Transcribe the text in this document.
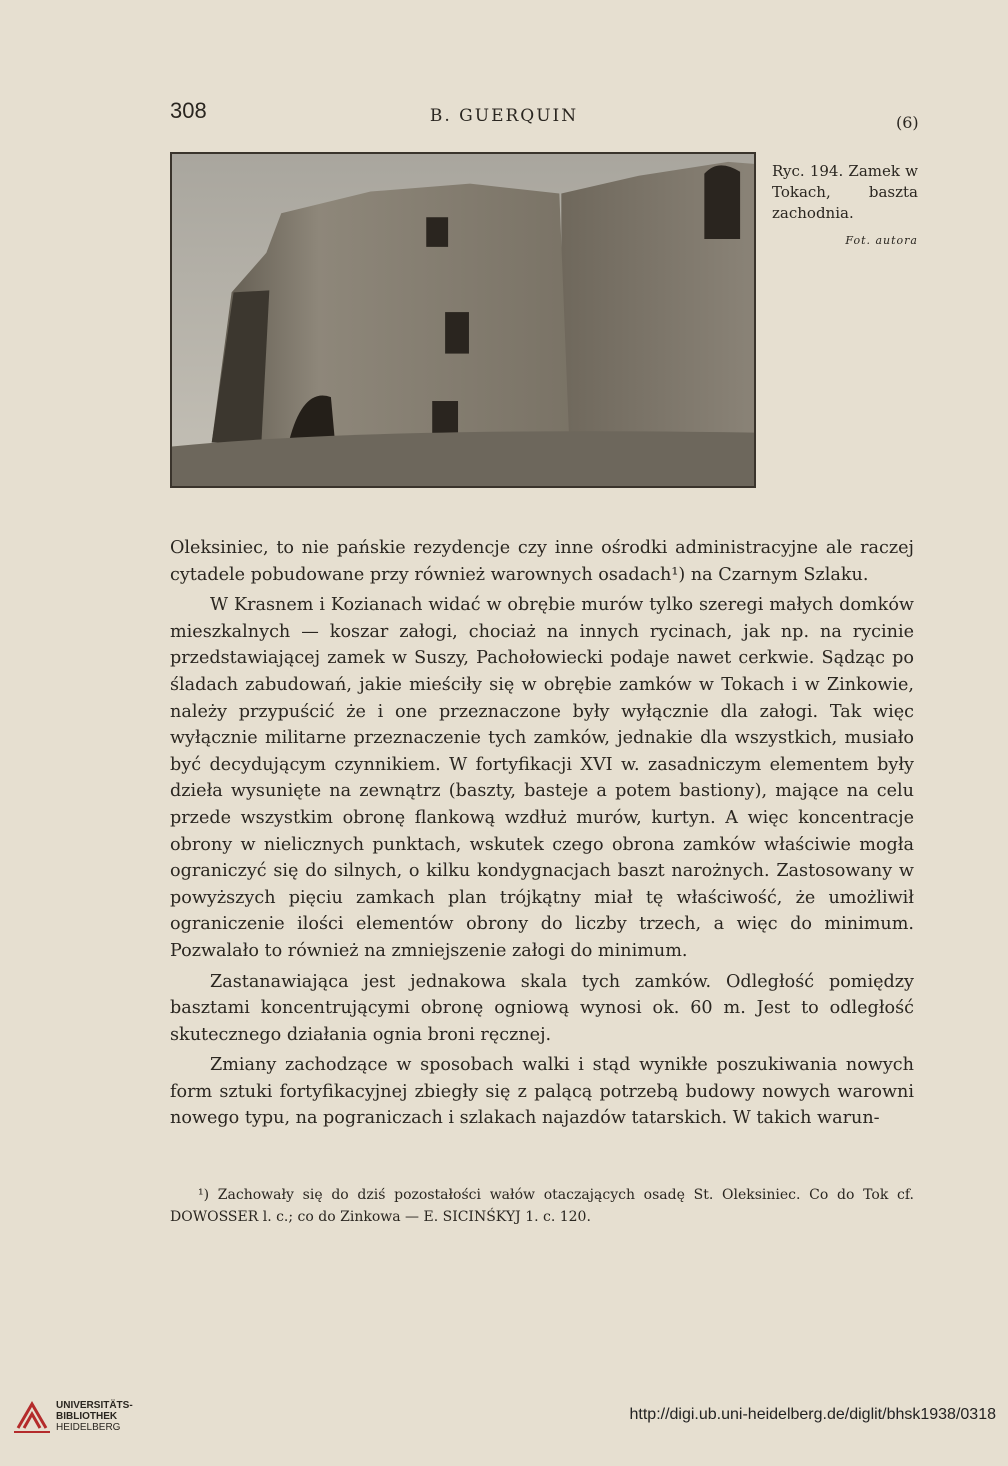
308	B. GUERQUIN	(6)
Ryc. 194. Zamek w Tokach, baszta zachodnia.
Fot. autora

Oleksiniec, to nie pańskie rezydencje czy inne ośrodki administracyjne ale raczej cytadele pobudowane przy również warownych osadach¹) na Czarnym Szlaku.

W Krasnem i Kozianach widać w obrębie murów tylko szeregi małych domków mieszkalnych — koszar załogi, chociaż na innych rycinach, jak np. na rycinie przedstawiającej zamek w Suszy, Pachołowiecki podaje nawet cerkwie. Sądząc po śladach zabudowań, jakie mieściły się w obrębie zamków w Tokach i w Zinkowie, należy przypuścić że i one przeznaczone były wyłącznie dla załogi. Tak więc wyłącznie militarne przeznaczenie tych zamków, jednakie dla wszystkich, musiało być decydującym czynnikiem. W fortyfikacji XVI w. zasadniczym elementem były dzieła wysunięte na zewnątrz (baszty, basteje a potem bastiony), mające na celu przede wszystkim obronę flankową wzdłuż murów, kurtyn. A więc koncentracje obrony w nielicznych punktach, wskutek czego obrona zamków właściwie mogła ograniczyć się do silnych, o kilku kondygnacjach baszt narożnych. Zastosowany w powyższych pięciu zamkach plan trójkątny miał tę właściwość, że umożliwił ograniczenie ilości elementów obrony do liczby trzech, a więc do minimum. Pozwalało to również na zmniejszenie załogi do minimum.

Zastanawiająca jest jednakowa skala tych zamków. Odległość pomiędzy basztami koncentrującymi obronę ogniową wynosi ok. 60 m. Jest to odległość skutecznego działania ognia broni ręcznej.

Zmiany zachodzące w sposobach walki i stąd wynikłe poszukiwania nowych form sztuki fortyfikacyjnej zbiegły się z palącą potrzebą budowy nowych warowni nowego typu, na pograniczach i szlakach najazdów tatarskich. W takich warun-

¹) Zachowały się do dziś pozostałości wałów otaczających osadę St. Oleksiniec. Co do Tok cf. DOWOSSER l. c.; co do Zinkowa — E. SICINŚKYJ 1. c. 120.
UNIVERSITÄTS-
BIBLIOTHEK
HEIDELBERG
http://digi.ub.uni-heidelberg.de/diglit/bhsk1938/0318
